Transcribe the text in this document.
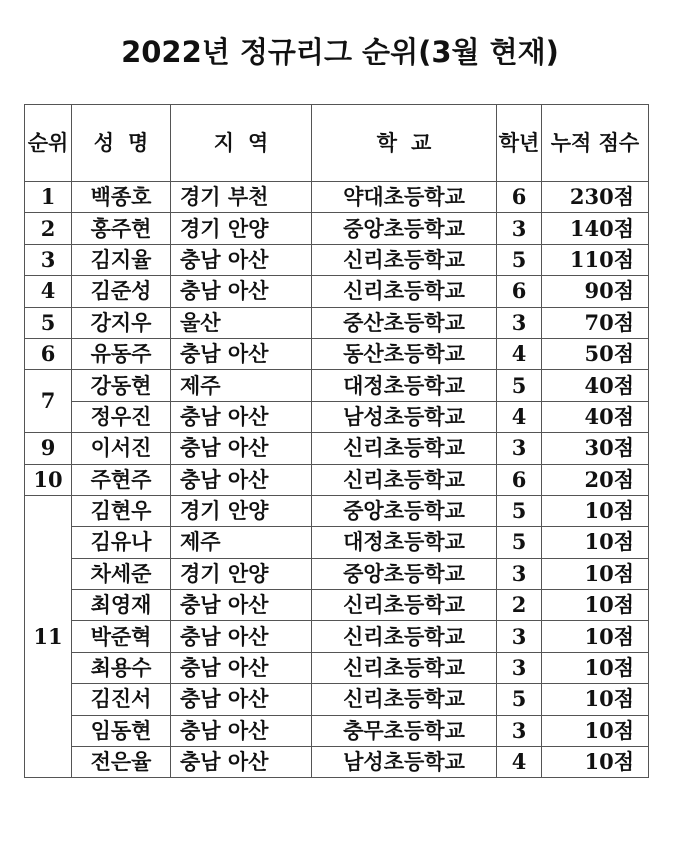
2022년 정규리그 순위(3월 현재)
순위	성명	지역	학교	학년	누적 점수
1	백종호	경기 부천	약대초등학교	6	230점
2	홍주현	경기 안양	중앙초등학교	3	140점
3	김지율	충남 아산	신리초등학교	5	110점
4	김준성	충남 아산	신리초등학교	6	90점
5	강지우	울산	중산초등학교	3	70점
6	유동주	충남 아산	동산초등학교	4	50점
7	강동현	제주	대정초등학교	5	40점
	정우진	충남 아산	남성초등학교	4	40점
9	이서진	충남 아산	신리초등학교	3	30점
10	주현주	충남 아산	신리초등학교	6	20점
11	김현우	경기 안양	중앙초등학교	5	10점
	김유나	제주	대정초등학교	5	10점
	차세준	경기 안양	중앙초등학교	3	10점
	최영재	충남 아산	신리초등학교	2	10점
	박준혁	충남 아산	신리초등학교	3	10점
	최용수	충남 아산	신리초등학교	3	10점
	김진서	충남 아산	신리초등학교	5	10점
	임동현	충남 아산	충무초등학교	3	10점
	전은율	충남 아산	남성초등학교	4	10점
